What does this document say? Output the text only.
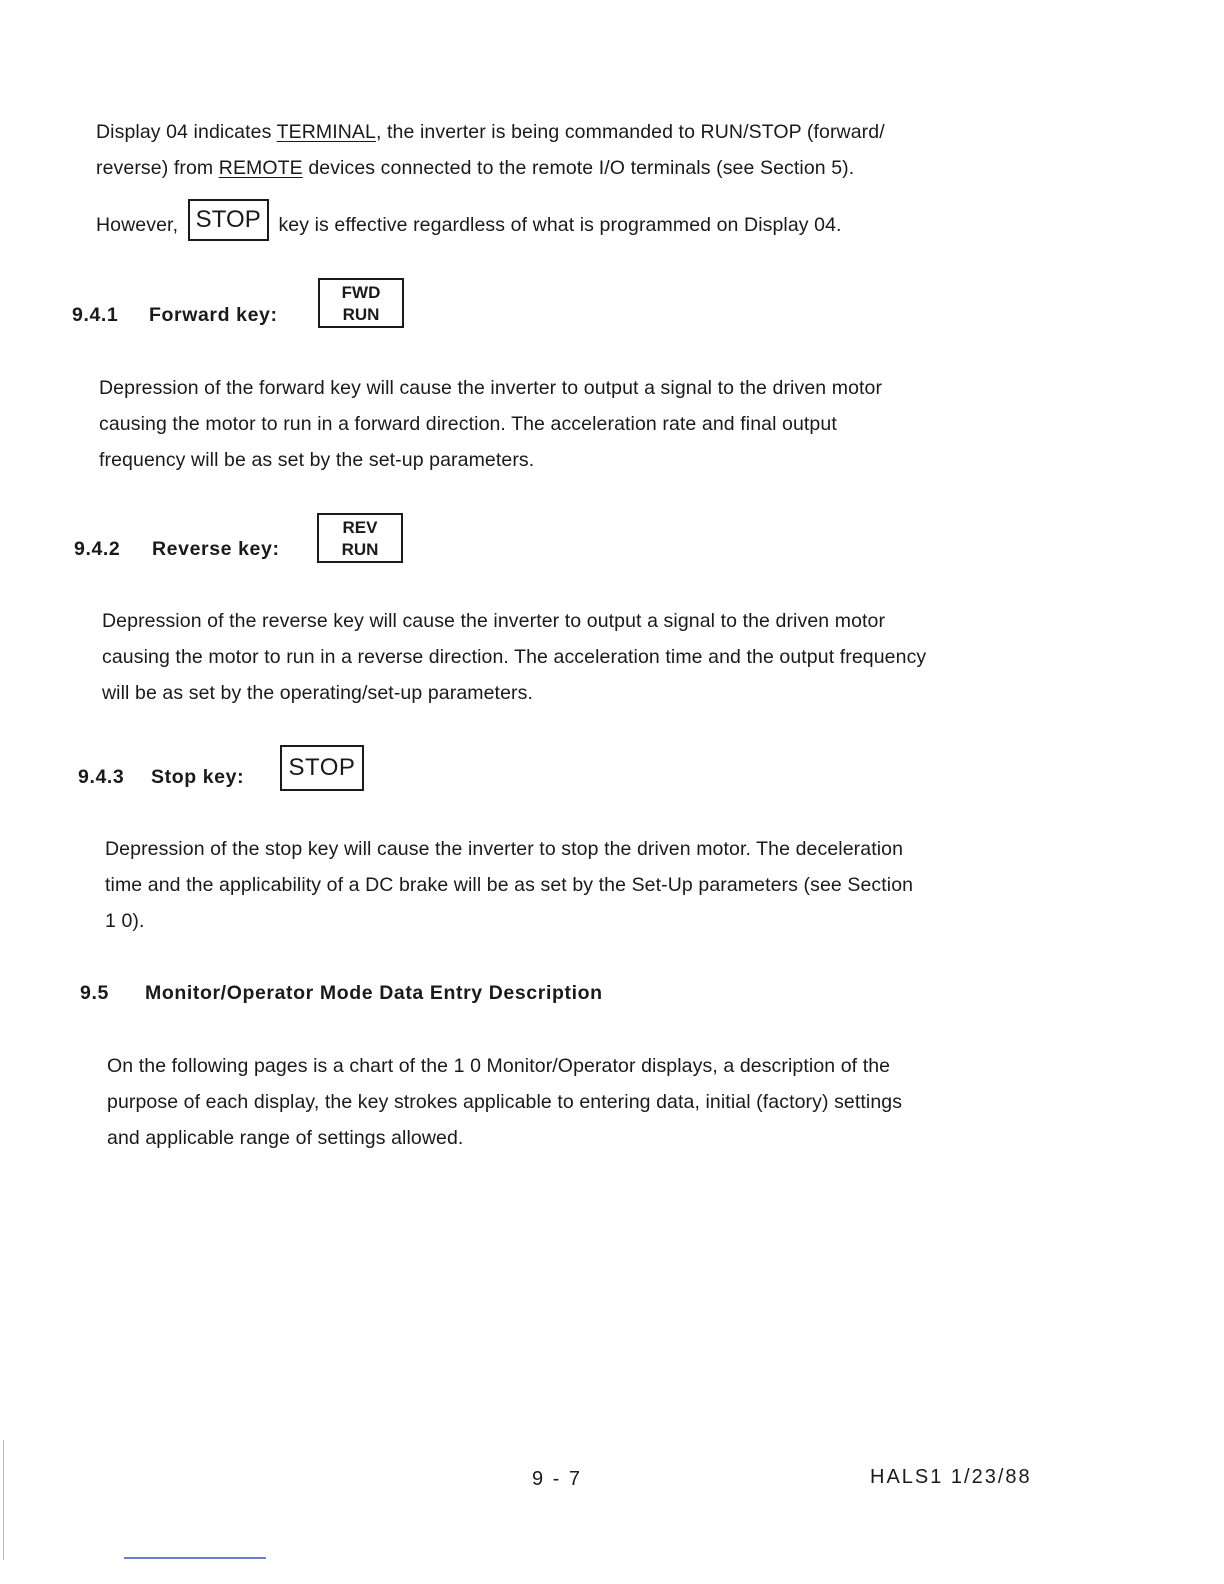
Display 04 indicates TERMINAL, the inverter is being commanded to RUN/STOP (forward/

reverse) from REMOTE devices connected to the remote I/O terminals (see Section 5).

However, STOP key is effective regardless of what is programmed on Display 04.

9.4.1 Forward key:
FWD
RUN

Depression of the forward key will cause the inverter to output a signal to the driven motor

causing the motor to run in a forward direction. The acceleration rate and final output

frequency will be as set by the set-up parameters.

9.4.2 Reverse key:
REV
RUN

Depression of the reverse key will cause the inverter to output a signal to the driven motor

causing the motor to run in a reverse direction. The acceleration time and the output frequency

will be as set by the operating/set-up parameters.

9.4.3 Stop key:	STOP

Depression of the stop key will cause the inverter to stop the driven motor. The deceleration

time and the applicability of a DC brake will be as set by the Set-Up parameters (see Section

1 0).

9.5 Monitor/Operator Mode Data Entry Description

On the following pages is a chart of the 1 0 Monitor/Operator displays, a description of the

purpose of each display, the key strokes applicable to entering data, initial (factory) settings

and applicable range of settings allowed.

9 - 7	HALS1 1/23/88
